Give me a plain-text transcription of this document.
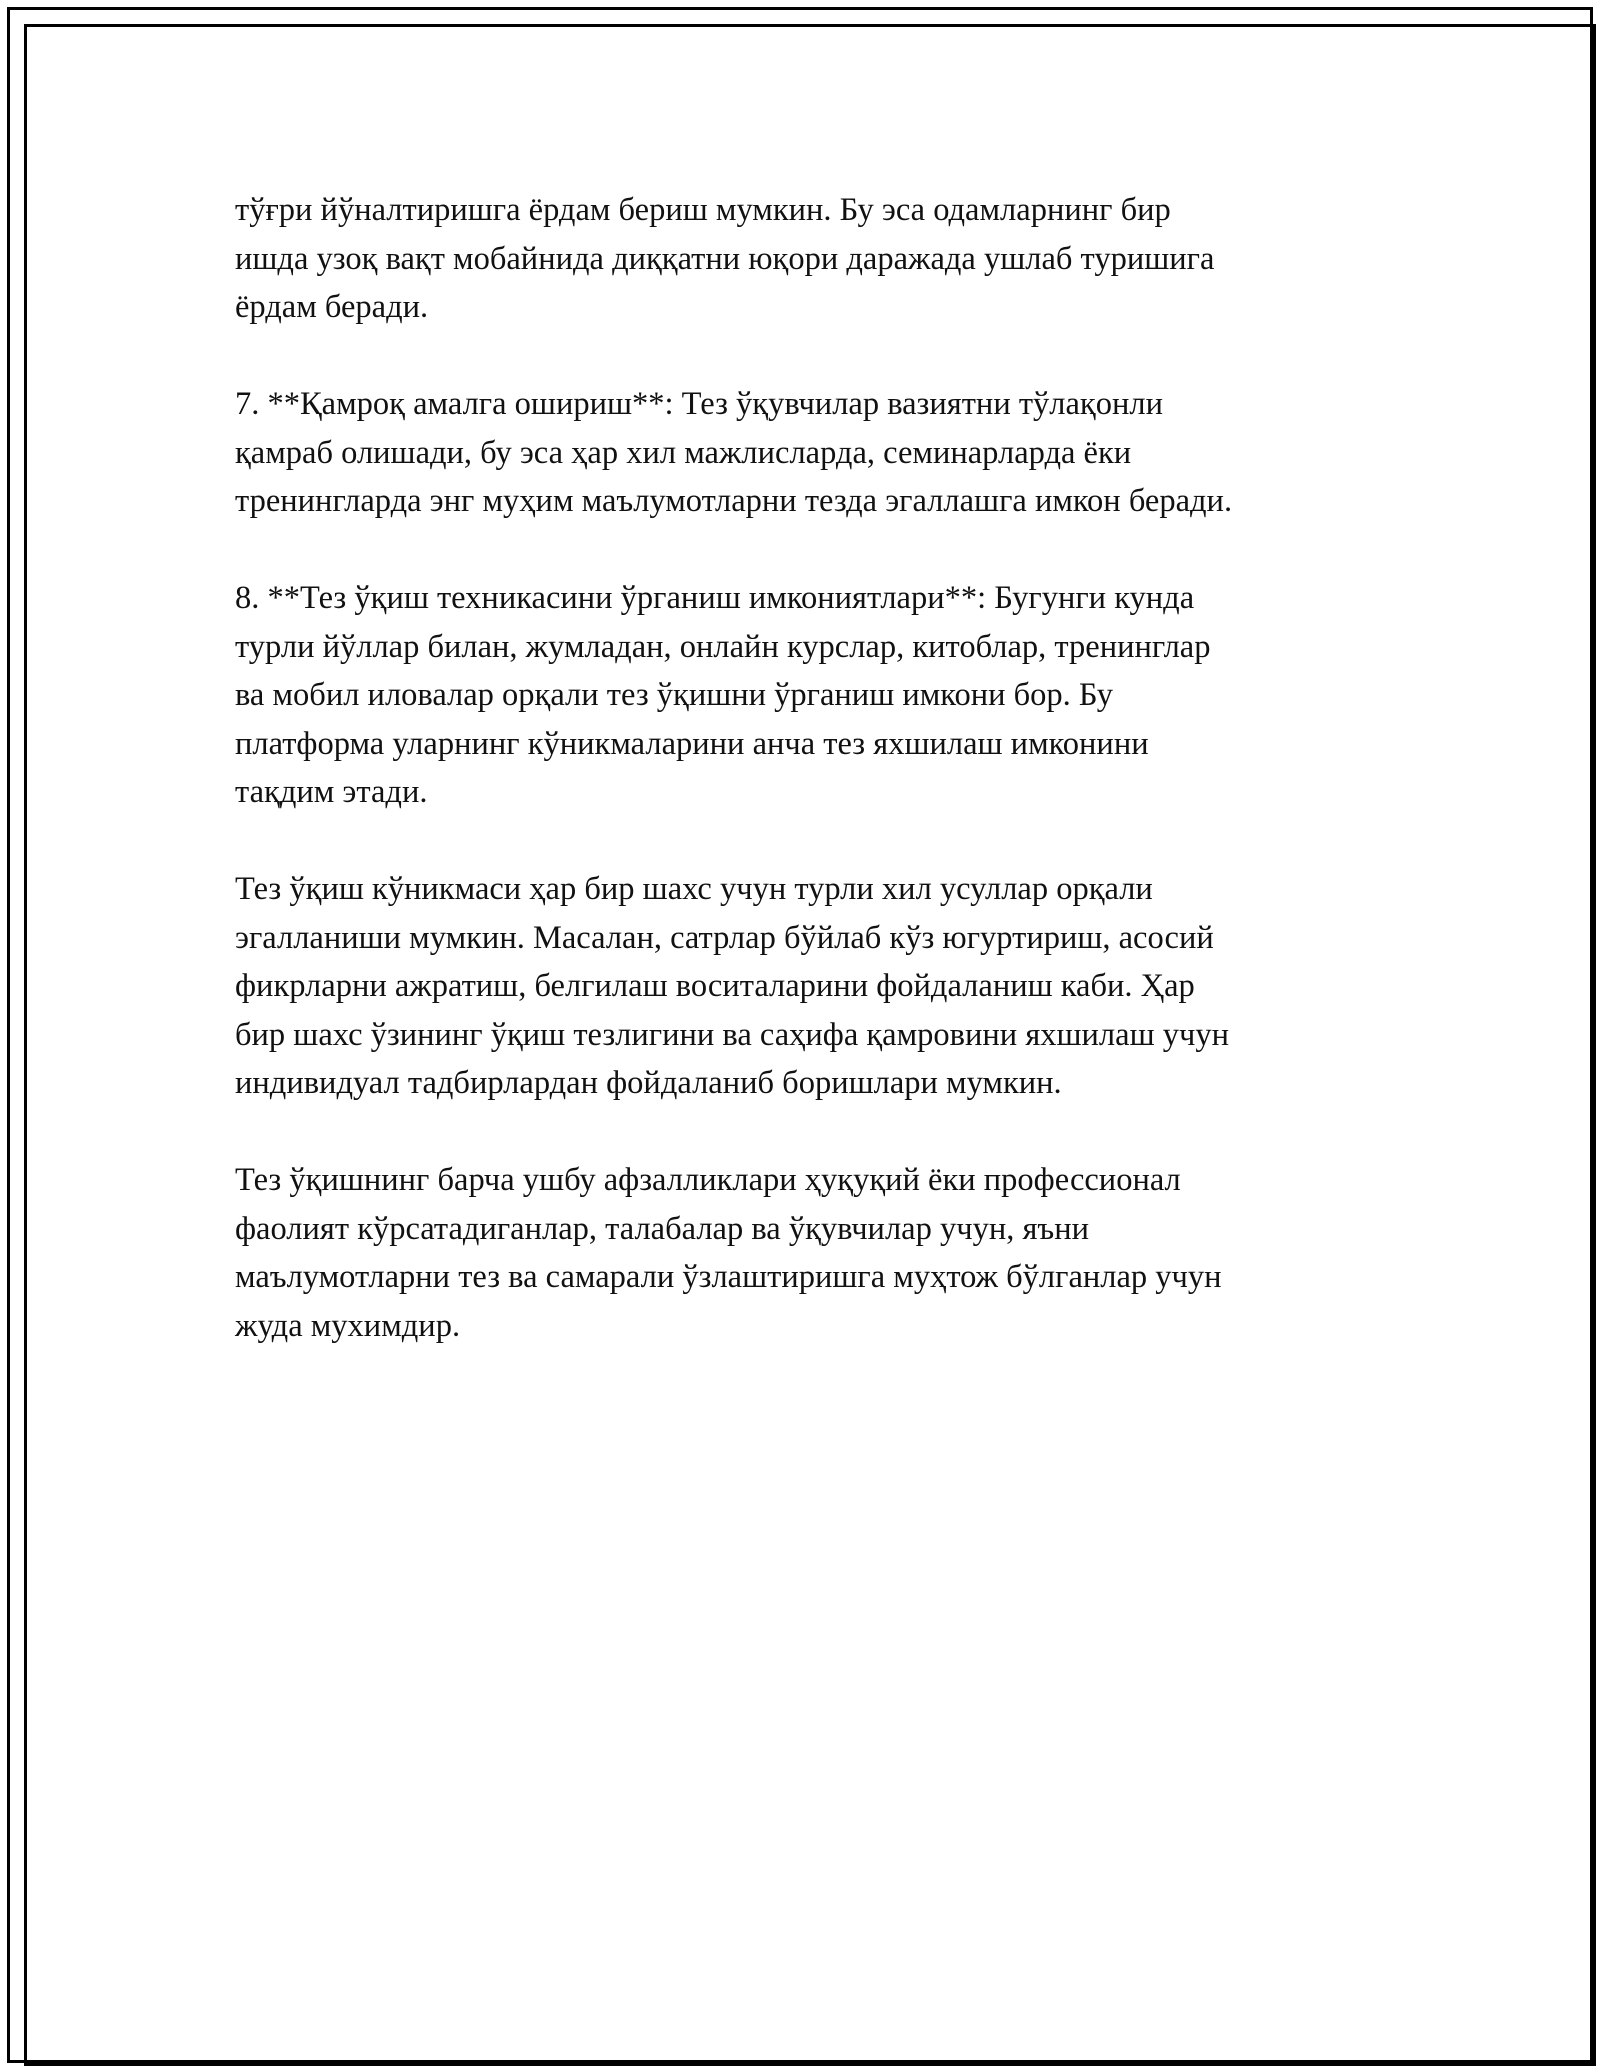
тўғри йўналтиришга ёрдам бериш мумкин. Бу эса одамларнинг бир
ишда узоқ вақт мобайнида диққатни юқори даражада ушлаб туришига
ёрдам беради.

7. **Қамроқ амалга ошириш**: Тез ўқувчилар вазиятни тўлақонли
қамраб олишади, бу эса ҳар хил мажлисларда, семинарларда ёки
тренингларда энг муҳим маълумотларни тезда эгаллашга имкон беради.

8. **Тез ўқиш техникасини ўрганиш имкониятлари**: Бугунги кунда
турли йўллар билан, жумладан, онлайн курслар, китоблар, тренинглар
ва мобил иловалар орқали тез ўқишни ўрганиш имкони бор. Бу
платформа уларнинг кўникмаларини анча тез яхшилаш имконини
тақдим этади.

Тез ўқиш кўникмаси ҳар бир шахс учун турли хил усуллар орқали
эгалланиши мумкин. Масалан, сатрлар бўйлаб кўз югуртириш, асосий
фикрларни ажратиш, белгилаш воситаларини фойдаланиш каби. Ҳар
бир шахс ўзининг ўқиш тезлигини ва саҳифа қамровини яхшилаш учун
индивидуал тадбирлардан фойдаланиб боришлари мумкин.

Тез ўқишнинг барча ушбу афзалликлари ҳуқуқий ёки профессионал
фаолият кўрсатадиганлар, талабалар ва ўқувчилар учун, яъни
маълумотларни тез ва самарали ўзлаштиришга муҳтож бўлганлар учун
жуда мухимдир.
